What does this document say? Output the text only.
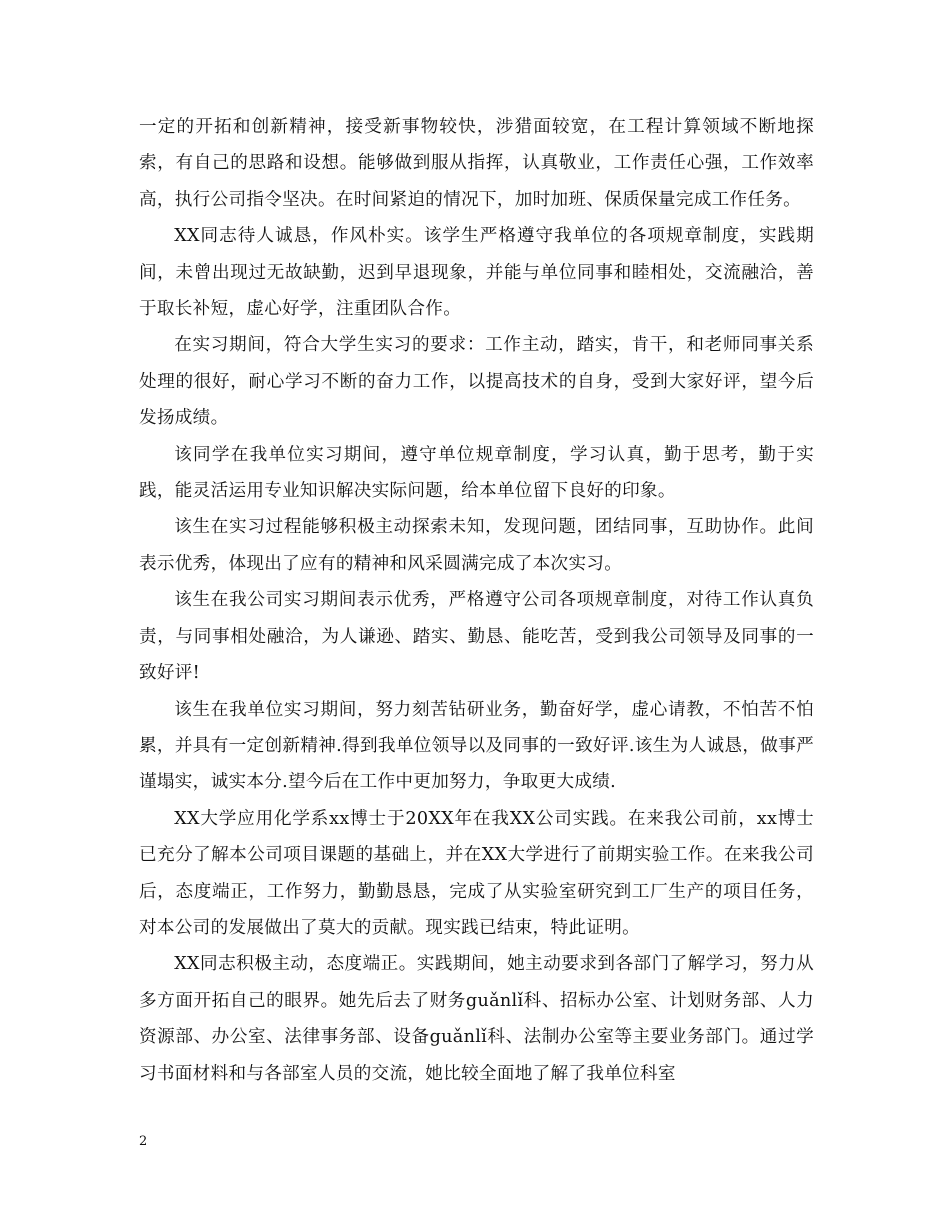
一定的开拓和创新精神，接受新事物较快，涉猎面较宽，在工程计算领域不断地探索，有自己的思路和设想。能够做到服从指挥，认真敬业，工作责任心强，工作效率高，执行公司指令坚决。在时间紧迫的情况下，加时加班、保质保量完成工作任务。

XX同志待人诚恳，作风朴实。该学生严格遵守我单位的各项规章制度，实践期间，未曾出现过无故缺勤，迟到早退现象，并能与单位同事和睦相处，交流融洽，善于取长补短，虚心好学，注重团队合作。

在实习期间，符合大学生实习的要求：工作主动，踏实，肯干，和老师同事关系处理的很好，耐心学习不断的奋力工作，以提高技术的自身，受到大家好评，望今后发扬成绩。

该同学在我单位实习期间，遵守单位规章制度，学习认真，勤于思考，勤于实践，能灵活运用专业知识解决实际问题，给本单位留下良好的印象。

该生在实习过程能够积极主动探索未知，发现问题，团结同事，互助协作。此间表示优秀，体现出了应有的精神和风采圆满完成了本次实习。

该生在我公司实习期间表示优秀，严格遵守公司各项规章制度，对待工作认真负责，与同事相处融洽，为人谦逊、踏实、勤恳、能吃苦，受到我公司领导及同事的一致好评!

该生在我单位实习期间，努力刻苦钻研业务，勤奋好学，虚心请教，不怕苦不怕累，并具有一定创新精神.得到我单位领导以及同事的一致好评.该生为人诚恳，做事严谨塌实，诚实本分.望今后在工作中更加努力，争取更大成绩.

XX大学应用化学系xx博士于20XX年在我XX公司实践。在来我公司前，xx博士已充分了解本公司项目课题的基础上，并在XX大学进行了前期实验工作。在来我公司后，态度端正，工作努力，勤勤恳恳，完成了从实验室研究到工厂生产的项目任务，对本公司的发展做出了莫大的贡献。现实践已结束，特此证明。

XX同志积极主动，态度端正。实践期间，她主动要求到各部门了解学习，努力从多方面开拓自己的眼界。她先后去了财务guǎnlǐ科、招标办公室、计划财务部、人力资源部、办公室、法律事务部、设备guǎnlǐ科、法制办公室等主要业务部门。通过学习书面材料和与各部室人员的交流，她比较全面地了解了我单位科室

2
